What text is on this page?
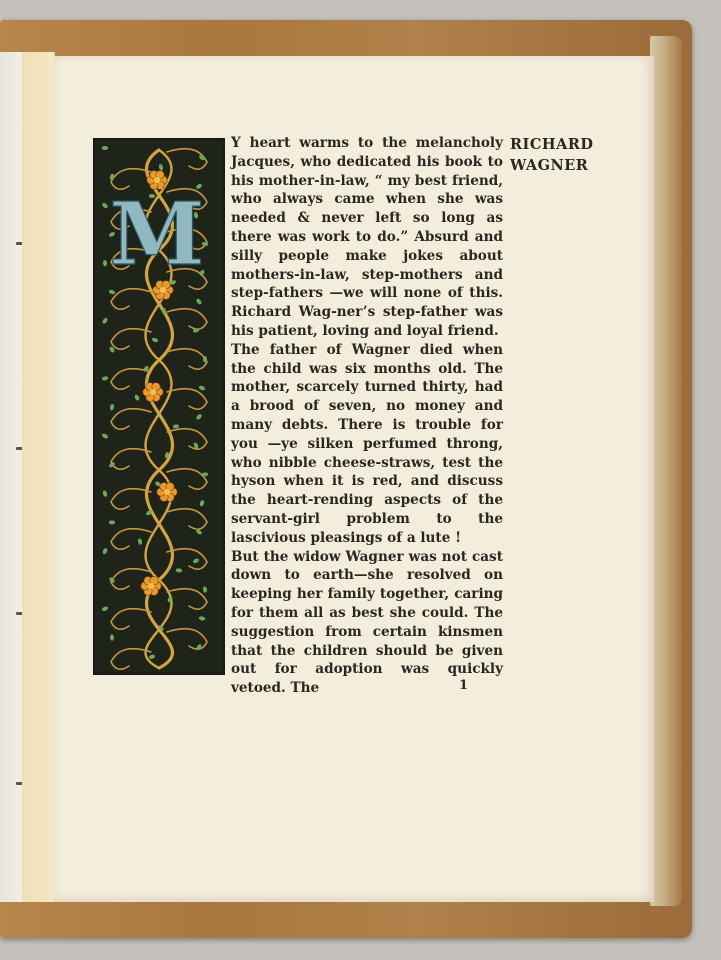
M

Y heart warms to the melancholy Jacques, who dedicated his book to his mother-in-law, “ my best friend, who always came when she was needed & never left so long as there was work to do.” Absurd and silly people make jokes about mothers-in-law, step-mothers and step-fathers —we will none of this. Richard Wag-ner’s step-father was his patient, loving and loyal friend.

The father of Wagner died when the child was six months old. The mother, scarcely turned thirty, had a brood of seven, no money and many debts. There is trouble for you —ye silken perfumed throng, who nibble cheese-straws, test the hyson when it is red, and discuss the heart-rending aspects of the servant-girl problem to the lascivious pleasings of a lute !

But the widow Wagner was not cast down to earth—she resolved on keeping her family together, caring for them all as best she could. The suggestion from certain kinsmen that the children should be given out for adoption was quickly vetoed. The

RICHARD
WAGNER
1
